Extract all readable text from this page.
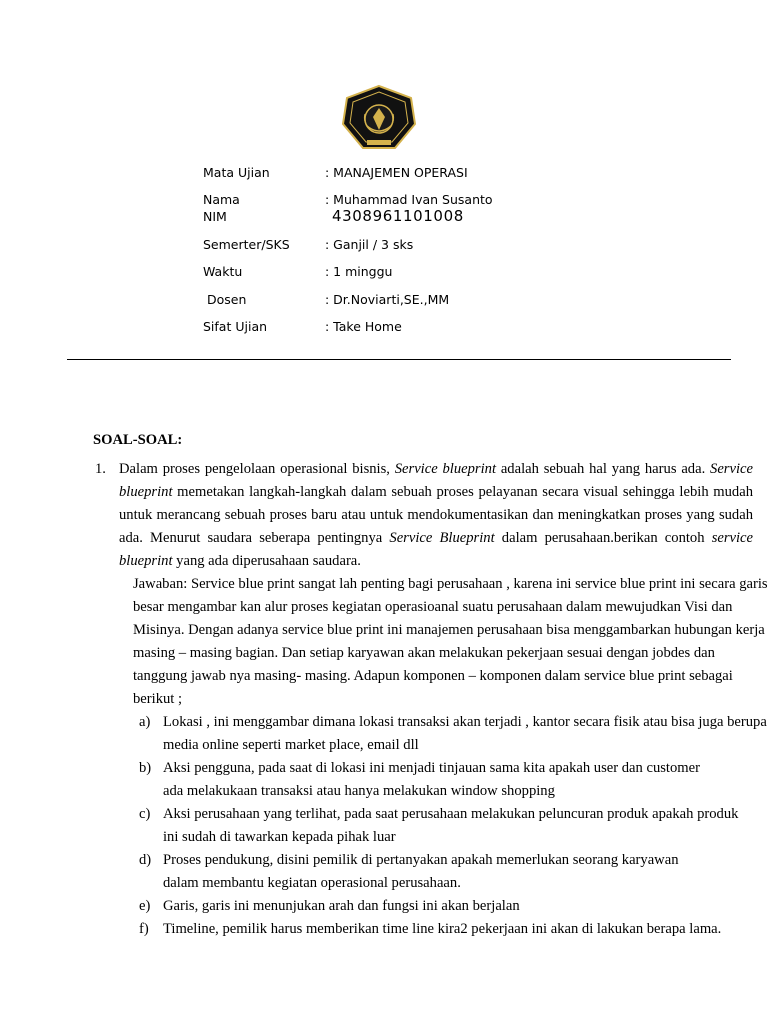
Mata Ujian	: MANAJEMEN OPERASI
Nama	: Muhammad Ivan Susanto
NIM	4308961101008
Semerter/SKS	: Ganjil / 3 sks
Waktu	: 1 minggu
Dosen	: Dr.Noviarti,SE.,MM
Sifat Ujian	: Take Home
SOAL-SOAL:
1. Dalam proses pengelolaan operasional bisnis, Service blueprint adalah sebuah hal yang harus ada. Service
blueprint memetakan langkah-langkah dalam sebuah proses pelayanan secara visual sehingga lebih mudah
untuk merancang sebuah proses baru atau untuk mendokumentasikan dan meningkatkan proses yang sudah
ada. Menurut saudara seberapa pentingnya Service Blueprint dalam perusahaan.berikan contoh service
blueprint yang ada diperusahaan saudara.
Jawaban: Service blue print sangat lah penting bagi perusahaan , karena ini service blue print ini secara garis
besar mengambar kan alur proses kegiatan operasioanal suatu perusahaan dalam mewujudkan Visi dan
Misinya. Dengan adanya service blue print ini manajemen perusahaan bisa menggambarkan hubungan kerja
masing – masing bagian. Dan setiap karyawan akan melakukan pekerjaan sesuai dengan jobdes dan
tanggung jawab nya masing- masing. Adapun komponen – komponen dalam service blue print sebagai
berikut ;
a) Lokasi , ini menggambar dimana lokasi transaksi akan terjadi , kantor secara fisik atau bisa juga berupa
media online seperti market place, email dll
b) Aksi pengguna, pada saat di lokasi ini menjadi tinjauan sama kita apakah user dan customer
ada melakukaan transaksi atau hanya melakukan window shopping
c) Aksi perusahaan yang terlihat, pada saat perusahaan melakukan peluncuran produk apakah produk
ini sudah di tawarkan kepada pihak luar
d) Proses pendukung, disini pemilik di pertanyakan apakah memerlukan seorang karyawan
dalam membantu kegiatan operasional perusahaan.
e) Garis, garis ini menunjukan arah dan fungsi ini akan berjalan
f) Timeline, pemilik harus memberikan time line kira2 pekerjaan ini akan di lakukan berapa lama.
